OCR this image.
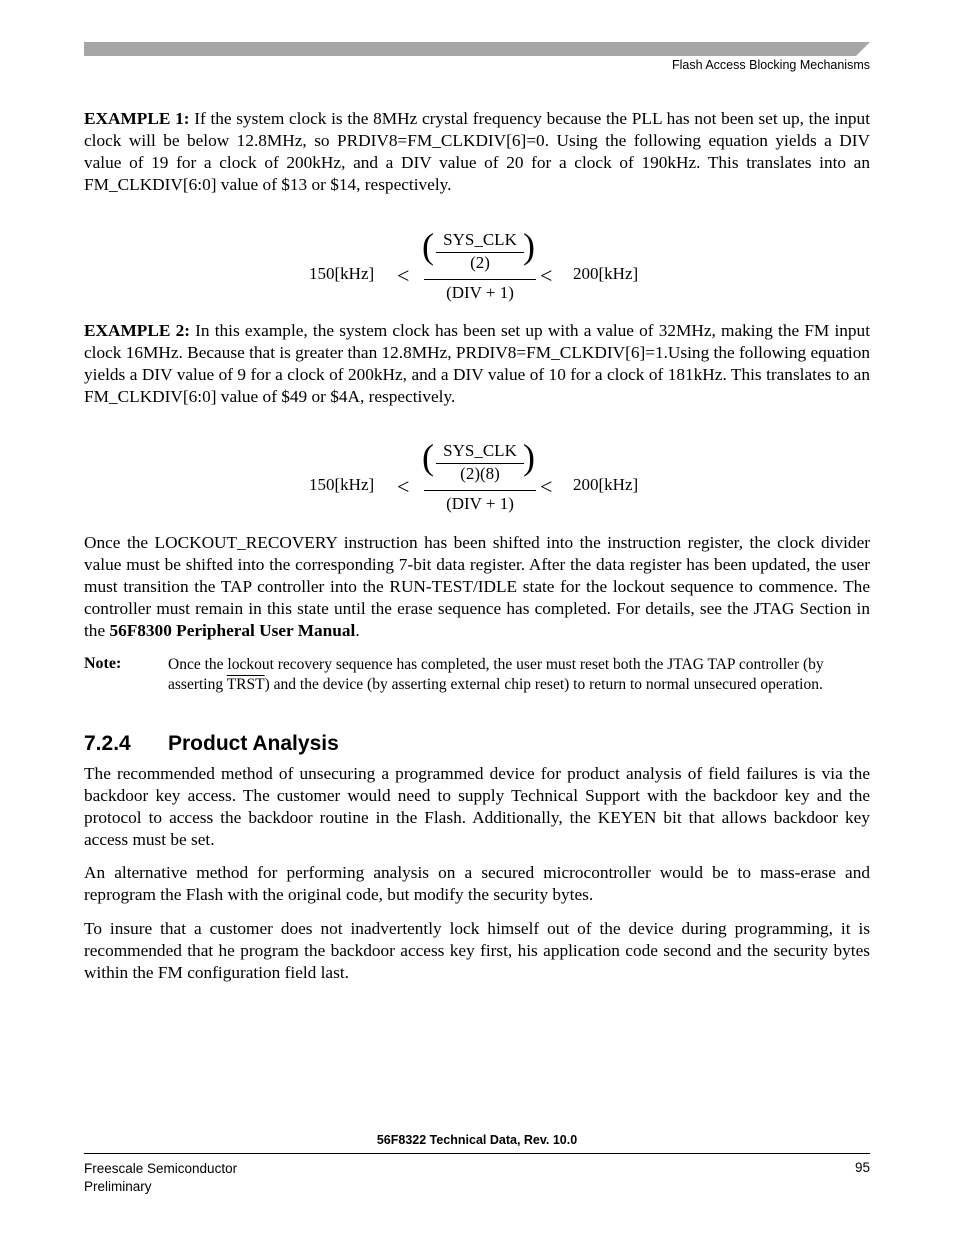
Flash Access Blocking Mechanisms

EXAMPLE 1: If the system clock is the 8MHz crystal frequency because the PLL has not been set up, the input clock will be below 12.8MHz, so PRDIV8=FM_CLKDIV[6]=0. Using the following equation yields a DIV value of 19 for a clock of 200kHz, and a DIV value of 20 for a clock of 190kHz. This translates into an FM_CLKDIV[6:0] value of $13 or $14, respectively.

150[kHz] <
( SYS_CLK
(2) )
(DIV + 1)
< 200[kHz]

EXAMPLE 2: In this example, the system clock has been set up with a value of 32MHz, making the FM input clock 16MHz. Because that is greater than 12.8MHz, PRDIV8=FM_CLKDIV[6]=1.Using the following equation yields a DIV value of 9 for a clock of 200kHz, and a DIV value of 10 for a clock of 181kHz. This translates to an FM_CLKDIV[6:0] value of $49 or $4A, respectively.

150[kHz] <
( SYS_CLK
(2)(8) )
(DIV + 1)
< 200[kHz]

Once the LOCKOUT_RECOVERY instruction has been shifted into the instruction register, the clock divider value must be shifted into the corresponding 7-bit data register. After the data register has been updated, the user must transition the TAP controller into the RUN-TEST/IDLE state for the lockout sequence to commence. The controller must remain in this state until the erase sequence has completed. For details, see the JTAG Section in the 56F8300 Peripheral User Manual.

Note:	Once the lockout recovery sequence has completed, the user must reset both the JTAG TAP controller (by asserting TRST) and the device (by asserting external chip reset) to return to normal unsecured operation.

7.2.4 Product Analysis

The recommended method of unsecuring a programmed device for product analysis of field failures is via the backdoor key access. The customer would need to supply Technical Support with the backdoor key and the protocol to access the backdoor routine in the Flash. Additionally, the KEYEN bit that allows backdoor key access must be set.

An alternative method for performing analysis on a secured microcontroller would be to mass-erase and reprogram the Flash with the original code, but modify the security bytes.

To insure that a customer does not inadvertently lock himself out of the device during programming, it is recommended that he program the backdoor access key first, his application code second and the security bytes within the FM configuration field last.

56F8322 Technical Data, Rev. 10.0
Freescale Semiconductor
Preliminary
95
